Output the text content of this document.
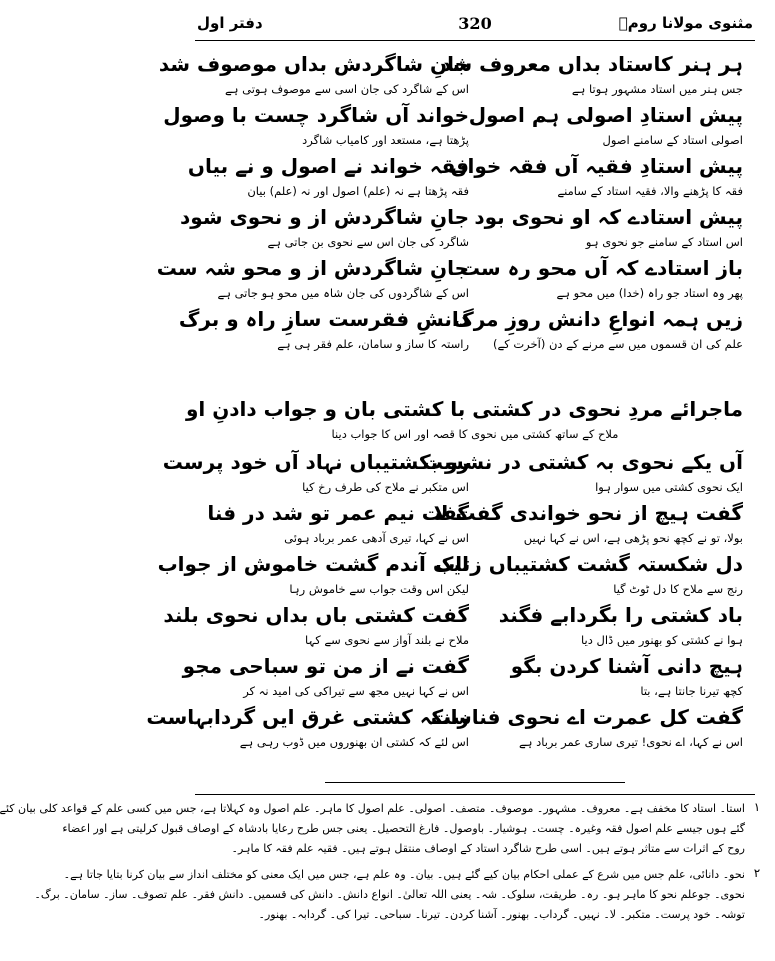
مثنوی مولانا رومؒ
320
دفتر اول
ہر ہنر کاستاد بداں معروف شد
جانِ شاگردش بداں موصوف شد
جس ہنر میں استاد مشہور ہوتا ہے
اس کے شاگرد کی جان اسی سے موصوف ہوتی ہے
پیش استادِ اصولی ہم اصول
خواند آں شاگرد چست با وصول
اصولی استاد کے سامنے اصول
پڑھتا ہے، مستعد اور کامیاب شاگرد
پیش استادِ فقیہ آں فقہ خواں
فقہ خواند نے اصول و نے بیاں
فقہ کا پڑھنے والا، فقیہ استاد کے سامنے
فقہ پڑھتا ہے نہ (علم) اصول اور نہ (علم) بیان
پیش استادے کہ او نحوی بود
جانِ شاگردش از و نحوی شود
اس استاد کے سامنے جو نحوی ہو
شاگرد کی جان اس سے نحوی بن جاتی ہے
باز استادے کہ آں محو رہ ست
جانِ شاگردش از و محو شہ ست
پھر وہ استاد جو راہ (خدا) میں محو ہے
اس کے شاگردوں کی جان شاہ میں محو ہو جاتی ہے
زیں ہمہ انواعِ دانش روزِ مرگ
دانشِ فقرست سازِ راہ و برگ
علم کی ان قسموں میں سے مرنے کے دن (آخرت کے)
راستہ کا ساز و سامان، علم فقر ہی ہے
ماجرائے مردِ نحوی در کشتی با کشتی بان و جواب دادنِ او
ملاح کے ساتھ کشتی میں نحوی کا قصہ اور اس کا جواب دینا
آں یکے نحوی بہ کشتی در نشست
رو بکشتیباں نہاد آں خود پرست
ایک نحوی کشتی میں سوار ہوا
اس متکبر نے ملاح کی طرف رخ کیا
گفت ہیچ از نحو خواندی گفت لا
گفت نیم عمر تو شد در فنا
بولا، تو نے کچھ نحو پڑھی ہے، اس نے کہا نہیں
اس نے کہا، تیری آدھی عمر برباد ہوئی
دل شکستہ گشت کشتیباں زتاب
لیک آندم گشت خاموش از جواب
رنج سے ملاح کا دل ٹوٹ گیا
لیکن اس وقت جواب سے خاموش رہا
باد کشتی را بگردابے فگند
گفت کشتی باں بداں نحوی بلند
ہوا نے کشتی کو بھنور میں ڈال دیا
ملاح نے بلند آواز سے نحوی سے کہا
ہیچ دانی آشنا کردن بگو
گفت نے از من تو سباحی مجو
کچھ تیرنا جانتا ہے، بتا
اس نے کہا نہیں مجھ سے تیراکی کی امید نہ کر
گفت کل عمرت اے نحوی فناست
زانکہ کشتی غرق ایں گردابہاست
اس نے کہا، اے نحوی! تیری ساری عمر برباد ہے
اس لئے کہ کشتی ان بھنوروں میں ڈوب رہی ہے
۱
استا۔ استاد کا مخفف ہے۔ معروف۔ مشہور۔ موصوف۔ متصف۔ اصولی۔ علم اصول کا ماہر۔ علم اصول وہ کہلاتا ہے، جس میں کسی علم کے قواعد کلی بیان کئے
گئے ہوں جیسے علم اصول فقہ وغیرہ۔ چست۔ ہوشیار۔ باوصول۔ فارغ التحصیل۔ یعنی جس طرح رعایا بادشاہ کے اوصاف قبول کرلیتی ہے اور اعضاء
روح کے اثرات سے متاثر ہوتے ہیں۔ اسی طرح شاگرد استاد کے اوصاف منتقل ہوتے ہیں۔ فقیہ علم فقہ کا ماہر۔
۲
نحو۔ دانائی، علم جس میں شرع کے عملی احکام بیان کیے گئے ہیں۔ بیان۔ وہ علم ہے، جس میں ایک معنی کو مختلف انداز سے بیان کرنا بتایا جاتا ہے۔
نحوی۔ جوعلم نحو کا ماہر ہو۔ رہ۔ طریقت، سلوک۔ شہ۔ یعنی اللہ تعالیٰ۔ انواع دانش۔ دانش کی قسمیں۔ دانش فقر۔ علم تصوف۔ ساز۔ سامان۔ برگ۔
توشہ۔ خود پرست۔ متکبر۔ لا۔ نہیں۔ گرداب۔ بھنور۔ آشنا کردن۔ تیرنا۔ سباحی۔ تیرا کی۔ گردابہ۔ بھنور۔
